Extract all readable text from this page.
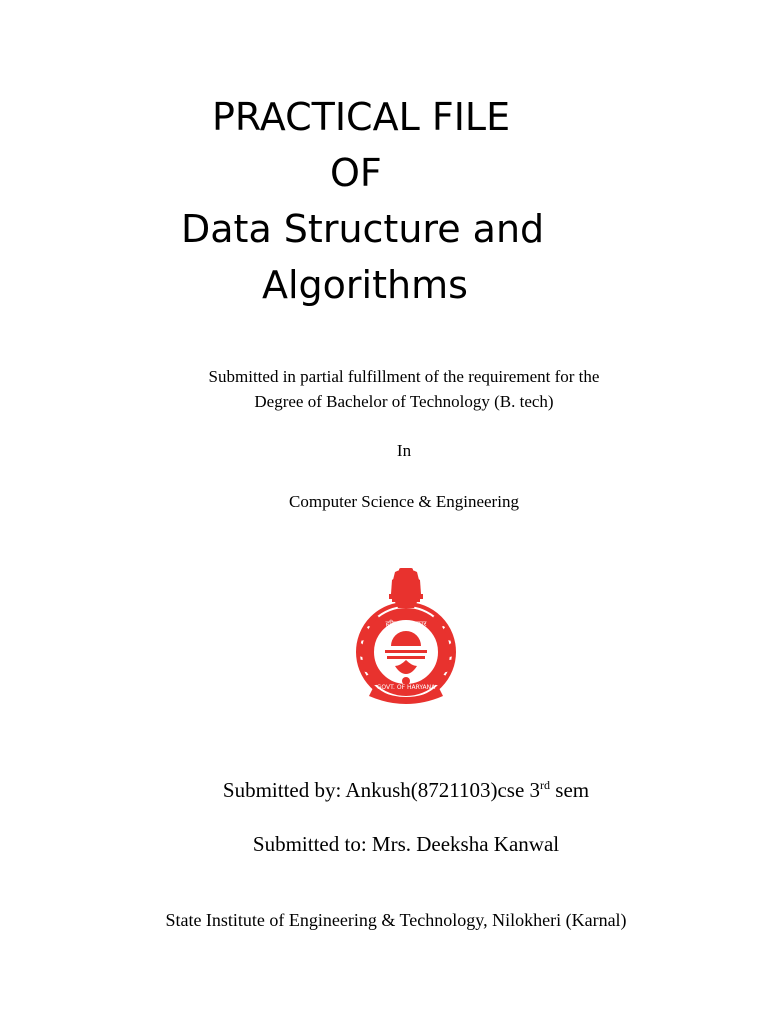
PRACTICAL FILE
OF
Data Structure and
Algorithms
Submitted in partial fulfillment of the requirement for the
Degree of Bachelor of Technology (B. tech)
In
Computer Science & Engineering
हरियाणा सरकार
GOVT. OF HARYANA
Submitted by: Ankush(8721103)cse 3rd sem
Submitted to: Mrs. Deeksha Kanwal
State Institute of Engineering & Technology, Nilokheri (Karnal)
